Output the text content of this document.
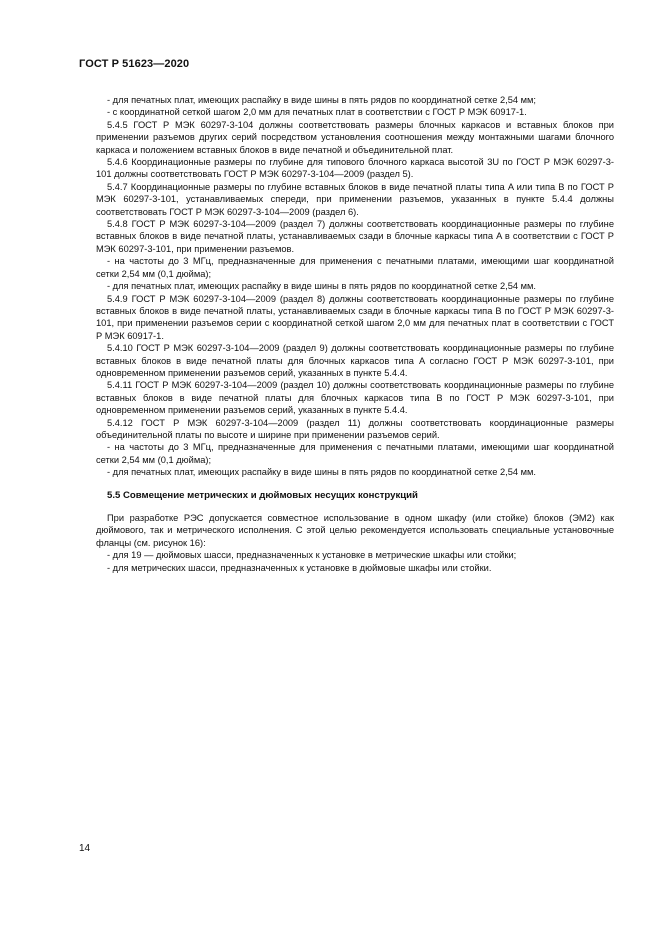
ГОСТ Р 51623—2020

- для печатных плат, имеющих распайку в виде шины в пять рядов по координатной сетке 2,54 мм;

- с координатной сеткой шагом 2,0 мм для печатных плат в соответствии с ГОСТ Р МЭК 60917-1.

5.4.5 ГОСТ Р МЭК 60297-3-104 должны соответствовать размеры блочных каркасов и вставных блоков при применении разъемов других серий посредством установления соотношения между монтажными шагами блочного каркаса и положением вставных блоков в виде печатной и объединительной плат.

5.4.6 Координационные размеры по глубине для типового блочного каркаса высотой 3U по ГОСТ Р МЭК 60297-3-101 должны соответствовать ГОСТ Р МЭК 60297-3-104—2009 (раздел 5).

5.4.7 Координационные размеры по глубине вставных блоков в виде печатной платы типа A или типа B по ГОСТ Р МЭК 60297-3-101, устанавливаемых спереди, при применении разъемов, указанных в пункте 5.4.4 должны соответствовать ГОСТ Р МЭК 60297-3-104—2009 (раздел 6).

5.4.8 ГОСТ Р МЭК 60297-3-104—2009 (раздел 7) должны соответствовать координационные размеры по глубине вставных блоков в виде печатной платы, устанавливаемых сзади в блочные каркасы типа A в соответствии с ГОСТ Р МЭК 60297-3-101, при применении разъемов.

- на частоты до 3 МГц, предназначенные для применения с печатными платами, имеющими шаг координатной сетки 2,54 мм (0,1 дюйма);

- для печатных плат, имеющих распайку в виде шины в пять рядов по координатной сетке 2,54 мм.

5.4.9 ГОСТ Р МЭК 60297-3-104—2009 (раздел 8) должны соответствовать координационные размеры по глубине вставных блоков в виде печатной платы, устанавливаемых сзади в блочные каркасы типа B по ГОСТ Р МЭК 60297-3-101, при применении разъемов серии с координатной сеткой шагом 2,0 мм для печатных плат в соответствии с ГОСТ Р МЭК 60917-1.

5.4.10 ГОСТ Р МЭК 60297-3-104—2009 (раздел 9) должны соответствовать координационные размеры по глубине вставных блоков в виде печатной платы для блочных каркасов типа A согласно ГОСТ Р МЭК 60297-3-101, при одновременном применении разъемов серий, указанных в пункте 5.4.4.

5.4.11 ГОСТ Р МЭК 60297-3-104—2009 (раздел 10) должны соответствовать координационные размеры по глубине вставных блоков в виде печатной платы для блочных каркасов типа B по ГОСТ Р МЭК 60297-3-101, при одновременном применении разъемов серий, указанных в пункте 5.4.4.

5.4.12 ГОСТ Р МЭК 60297-3-104—2009 (раздел 11) должны соответствовать координационные размеры объединительной платы по высоте и ширине при применении разъемов серий.

- на частоты до 3 МГц, предназначенные для применения с печатными платами, имеющими шаг координатной сетки 2,54 мм (0,1 дюйма);

- для печатных плат, имеющих распайку в виде шины в пять рядов по координатной сетке 2,54 мм.

5.5 Совмещение метрических и дюймовых несущих конструкций

При разработке РЭС допускается совместное использование в одном шкафу (или стойке) блоков (ЭМ2) как дюймового, так и метрического исполнения. С этой целью рекомендуется использовать специальные установочные фланцы (см. рисунок 16):

- для 19 — дюймовых шасси, предназначенных к установке в метрические шкафы или стойки;

- для метрических шасси, предназначенных к установке в дюймовые шкафы или стойки.

14
